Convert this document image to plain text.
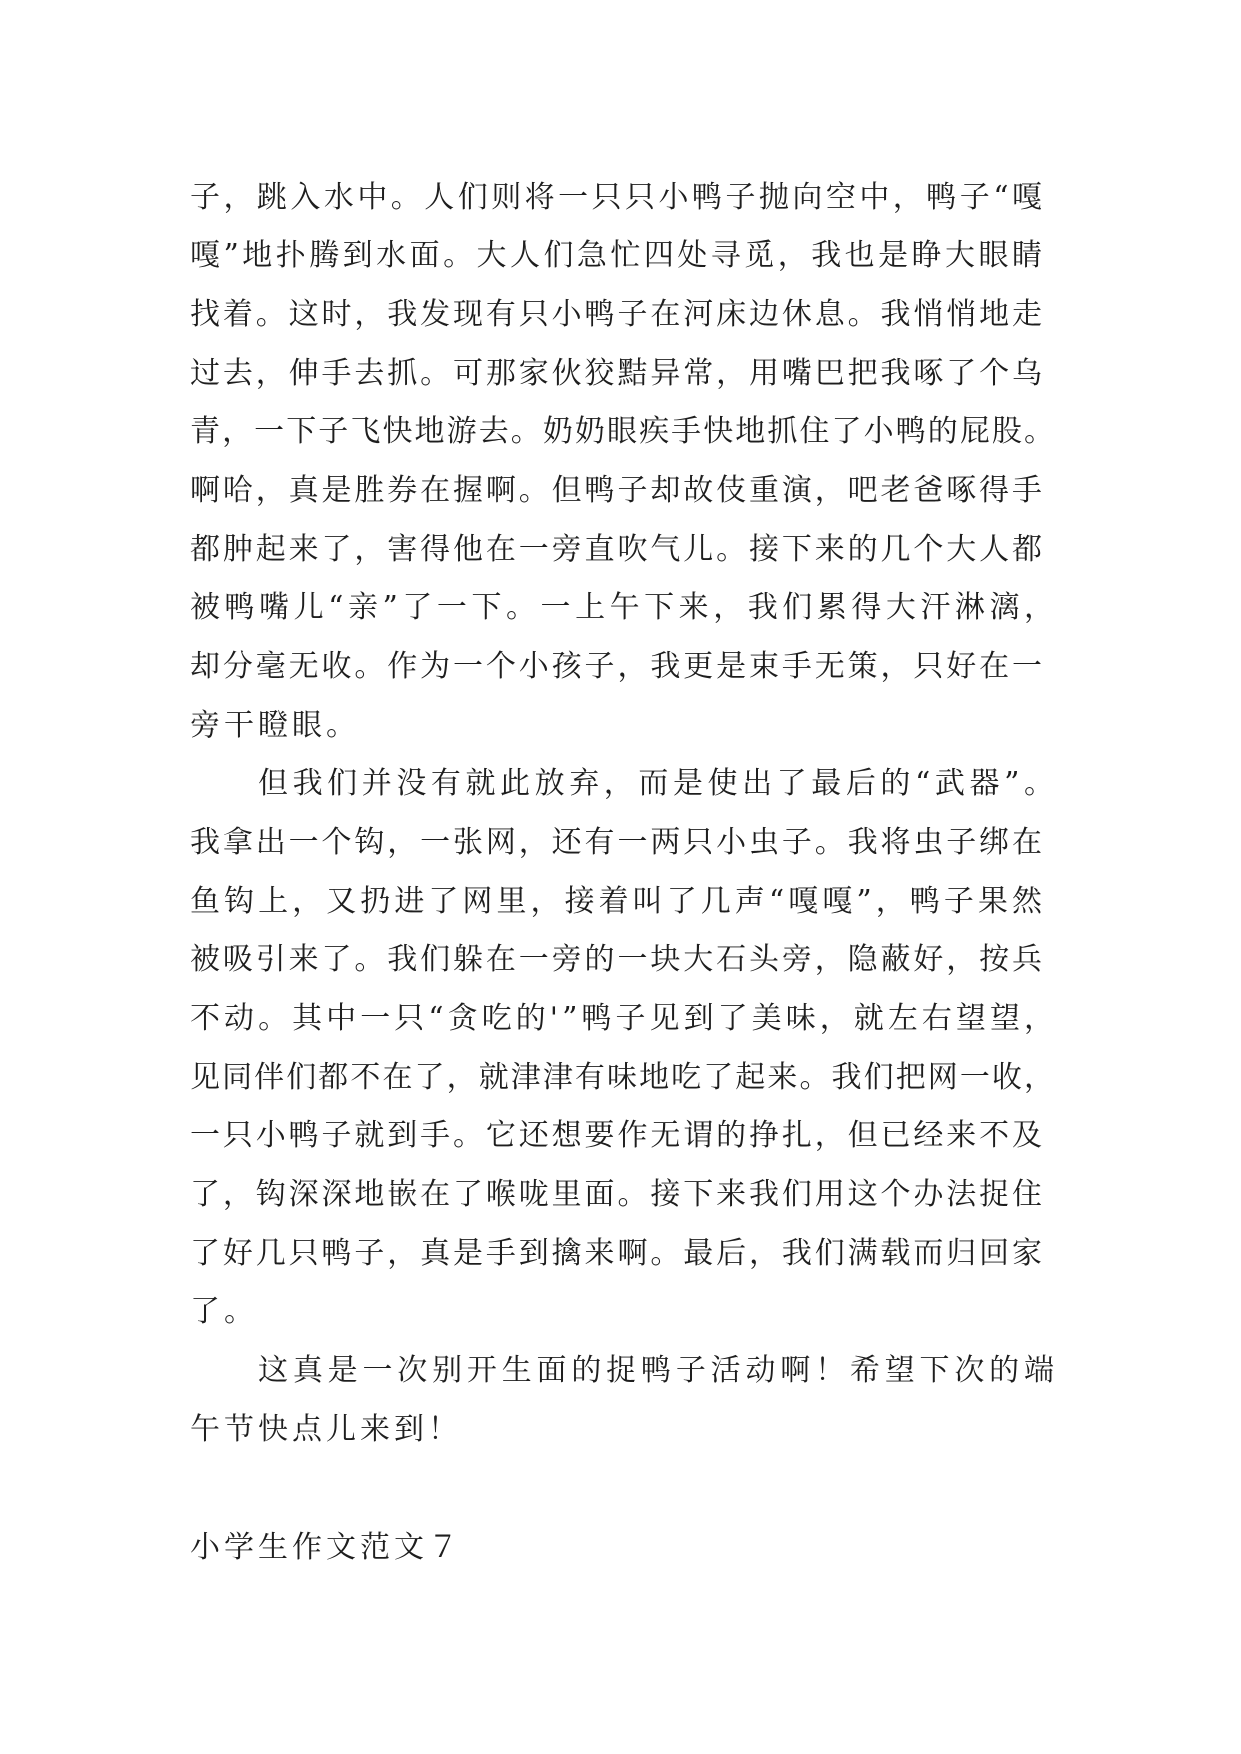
子，跳入水中。人们则将一只只小鸭子抛向空中，鸭子“嘎
嘎”地扑腾到水面。大人们急忙四处寻觅，我也是睁大眼睛
找着。这时，我发现有只小鸭子在河床边休息。我悄悄地走
过去，伸手去抓。可那家伙狡黠异常，用嘴巴把我啄了个乌
青，一下子飞快地游去。奶奶眼疾手快地抓住了小鸭的屁股。
啊哈，真是胜券在握啊。但鸭子却故伎重演，吧老爸啄得手
都肿起来了，害得他在一旁直吹气儿。接下来的几个大人都
被鸭嘴儿“亲”了一下。一上午下来，我们累得大汗淋漓，
却分毫无收。作为一个小孩子，我更是束手无策，只好在一
旁干瞪眼。
但我们并没有就此放弃，而是使出了最后的“武器”。
我拿出一个钩，一张网，还有一两只小虫子。我将虫子绑在
鱼钩上，又扔进了网里，接着叫了几声“嘎嘎”，鸭子果然
被吸引来了。我们躲在一旁的一块大石头旁，隐蔽好，按兵
不动。其中一只“贪吃的'”鸭子见到了美味，就左右望望，
见同伴们都不在了，就津津有味地吃了起来。我们把网一收，
一只小鸭子就到手。它还想要作无谓的挣扎，但已经来不及
了，钩深深地嵌在了喉咙里面。接下来我们用这个办法捉住
了好几只鸭子，真是手到擒来啊。最后，我们满载而归回家
了。
这真是一次别开生面的捉鸭子活动啊！希望下次的端
午节快点儿来到！
小学生作文范文７
